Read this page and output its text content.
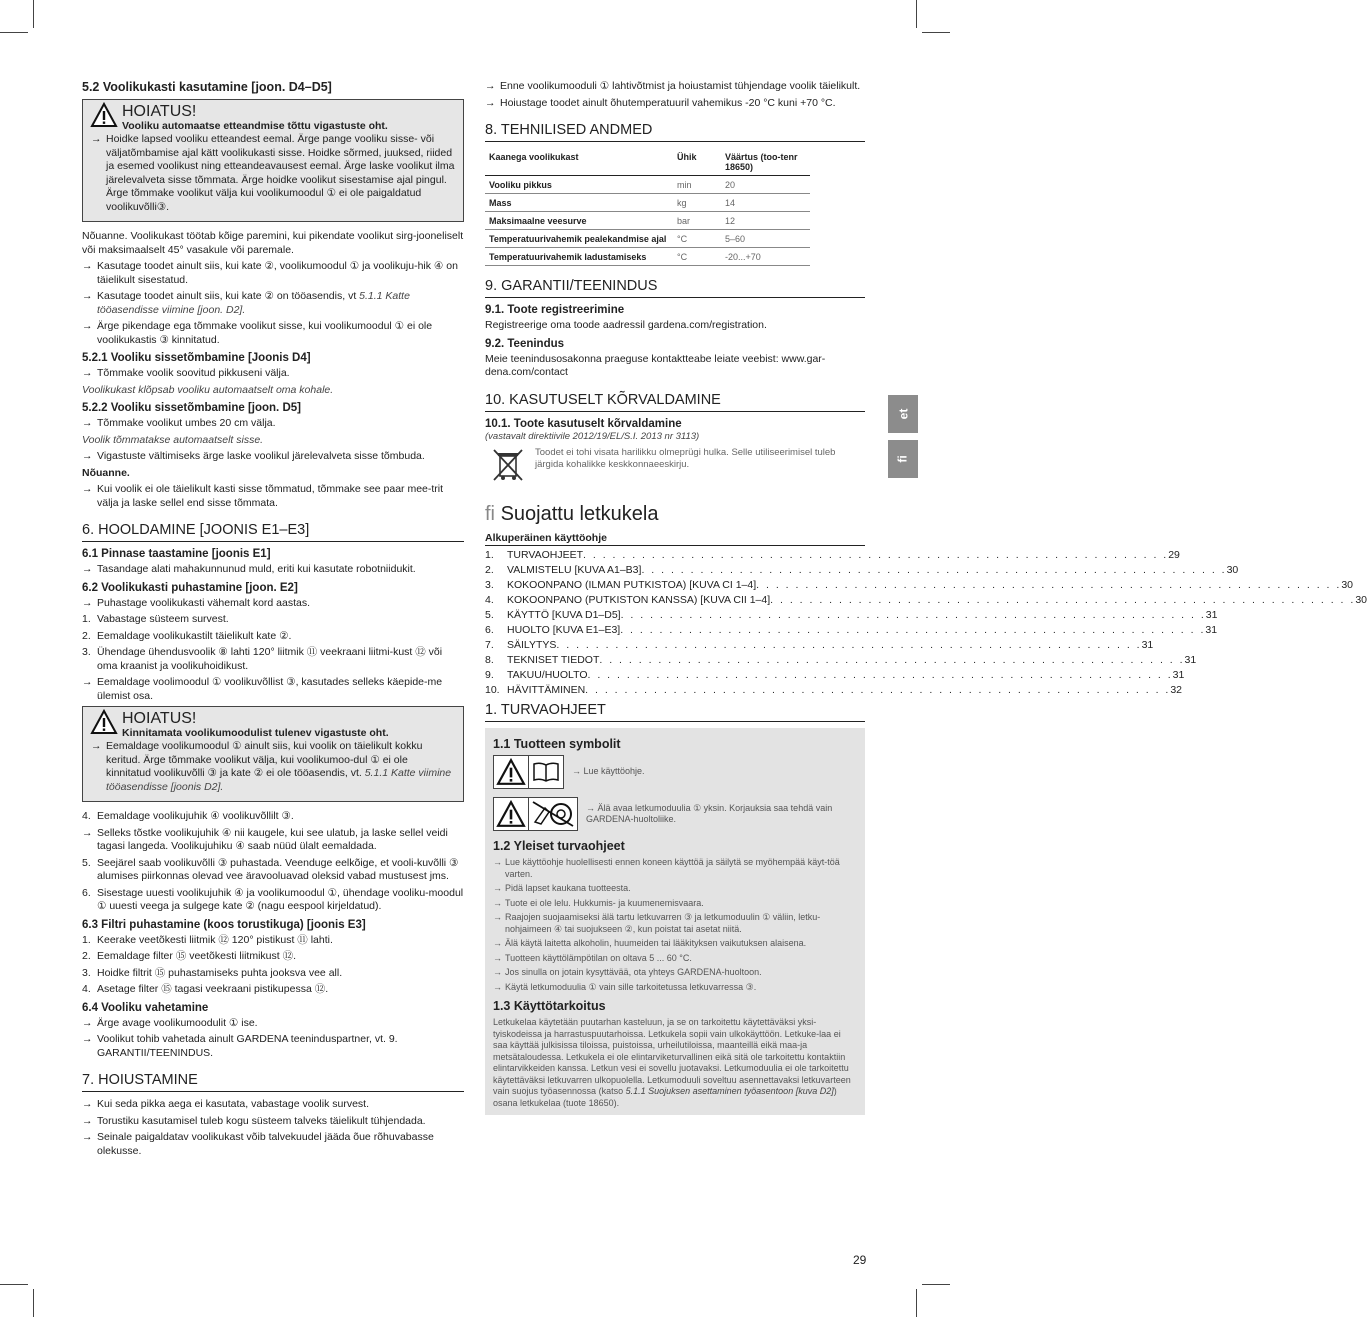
5.2 Voolikukasti kasutamine [joon. D4–D5]
HOIATUS!
Vooliku automaatse etteandmise tõttu vigastuste oht.
→ Hoidke lapsed vooliku etteandest eemal. Ärge pange vooliku sisse- või väljatõmbamise ajal kätt voolikukasti sisse. Hoidke sõrmed, juuksed, riided ja esemed voolikust ning etteandeavausest eemal. Ärge laske voolikut ilma järelevalveta sisse tõmmata. Ärge hoidke voolikut sisestamise ajal pingul. Ärge tõmmake voolikut välja kui voolikumoodul ① ei ole paigaldatud voolikuvõlli③.

Nõuanne. Voolikukast töötab kõige paremini, kui pikendate voolikut sirg-jooneliselt või maksimaalselt 45° vasakule või paremale.

→ Kasutage toodet ainult siis, kui kate ②, voolikumoodul ① ja voolikuju-hik ④ on täielikult sisestatud.
→ Kasutage toodet ainult siis, kui kate ② on tööasendis, vt 5.1.1 Katte tööasendisse viimine [joon. D2].
→ Ärge pikendage ega tõmmake voolikut sisse, kui voolikumoodul ① ei ole voolikukastis ③ kinnitatud.
5.2.1 Vooliku sissetõmbamine [Joonis D4]
→ Tõmmake voolik soovitud pikkuseni välja.

Voolikukast klõpsab vooliku automaatselt oma kohale.

5.2.2 Vooliku sissetõmbamine [joon. D5]
→ Tõmmake voolikut umbes 20 cm välja.

Voolik tõmmatakse automaatselt sisse.

→ Vigastuste vältimiseks ärge laske voolikul järelevalveta sisse tõmbuda.

Nõuanne.

→ Kui voolik ei ole täielikult kasti sisse tõmmatud, tõmmake see paar mee-trit välja ja laske sellel end sisse tõmmata.
6. HOOLDAMINE [JOONIS E1–E3]
6.1 Pinnase taastamine [joonis E1]
→ Tasandage alati mahakunnunud muld, eriti kui kasutate robotniidukit.
6.2 Voolikukasti puhastamine [joon. E2]
→ Puhastage voolikukasti vähemalt kord aastas.
1. Vabastage süsteem survest.
2. Eemaldage voolikukastilt täielikult kate ②.
3. Ühendage ühendusvoolik ⑧ lahti 120° liitmik ⑪ veekraani liitmi-kust ⑫ või oma kraanist ja voolikuhoidikust.
→ Eemaldage voolimoodul ① voolikuvõllist ③, kasutades selleks käepide-me ülemist osa.
HOIATUS!
Kinnitamata voolikumoodulist tulenev vigastuste oht.
→ Eemaldage voolikumoodul ① ainult siis, kui voolik on täielikult kokku keritud. Ärge tõmmake voolikut välja, kui voolikumoo-dul ① ei ole kinnitatud voolikuvõlli ③ ja kate ② ei ole tööasendis, vt. 5.1.1 Katte viimine tööasendisse [joonis D2].
4. Eemaldage voolikujuhik ④ voolikuvõllilt ③.
→ Selleks tõstke voolikujuhik ④ nii kaugele, kui see ulatub, ja laske sellel veidi tagasi langeda. Voolikujuhiku ④ saab nüüd ülalt eemaldada.
5. Seejärel saab voolikuvõlli ③ puhastada. Veenduge eelkõige, et vooli-kuvõlli ③ alumises piirkonnas olevad vee äravooluavad oleksid vabad mustusest jms.
6. Sisestage uuesti voolikujuhik ④ ja voolikumoodul ①, ühendage vooliku-moodul ① uuesti veega ja sulgege kate ② (nagu eespool kirjeldatud).
6.3 Filtri puhastamine (koos torustikuga) [joonis E3]
1. Keerake veetõkesti liitmik ⑫ 120° pistikust ⑪ lahti.
2. Eemaldage filter ⑮ veetõkesti liitmikust ⑫.
3. Hoidke filtrit ⑮ puhastamiseks puhta jooksva vee all.
4. Asetage filter ⑮ tagasi veekraani pistikupessa ⑫.
6.4 Vooliku vahetamine
→ Ärge avage voolikumoodulit ① ise.
→ Voolikut tohib vahetada ainult GARDENA teeninduspartner, vt. 9. GARANTII/TEENINDUS.
7. HOIUSTAMINE
→ Kui seda pikka aega ei kasutata, vabastage voolik survest.
→ Torustiku kasutamisel tuleb kogu süsteem talveks täielikult tühjendada.
→ Seinale paigaldatav voolikukast võib talvekuudel jääda õue rõhuvabasse olekusse.
→ Enne voolikumooduli ① lahtivõtmist ja hoiustamist tühjendage voolik täielikult.
→ Hoiustage toodet ainult õhutemperatuuril vahemikus -20 °C kuni +70 °C.
8. TEHNILISED ANDMED
Kaanega voolikukast	Ühik	Väärtus (too-tenr 18650)
Vooliku pikkus	min	20
Mass	kg	14
Maksimaalne veesurve	bar	12
Temperatuurivahemik pealekandmise ajal	°C	5–60
Temperatuurivahemik ladustamiseks	°C	-20...+70
9. GARANTII/TEENINDUS
9.1. Toote registreerimine

Registreerige oma toode aadressil gardena.com/registration.

9.2. Teenindus

Meie teenindusosakonna praeguse kontaktteabe leiate veebist: www.gar-dena.com/contact

10. KASUTUSELT KÕRVALDAMINE
10.1. Toote kasutuselt kõrvaldamine

(vastavalt direktiivile 2012/19/EL/S.I. 2013 nr 3113)

Toodet ei tohi visata harilikku olmeprügi hulka. Selle utiliseerimisel tuleb järgida kohalikke keskkonnaeeskirju.
fi Suojattu letkukela
Alkuperäinen käyttöohje
1.	TURVAOHJEET . . . . . . . . . . . . . . . . . . . . . . . . . . . . . . . . . . . . . . . . . . . . . . . . . . . . . . . . . . . . 29
2.	VALMISTELU [KUVA A1–B3] . . . . . . . . . . . . . . . . . . . . . . . . . . . . . . . . . . . . . . . . . . . . . . . . . . . . . . . . . . . . 30
3.	KOKOONPANO (ILMAN PUTKISTOA) [KUVA CI 1–4] . . . . . . . . . . . . . . . . . . . . . . . . . . . . . . . . . . . . . . . . . . . . . . . . . . . . . . . . . . . . 30
4.	KOKOONPANO (PUTKISTON KANSSA) [KUVA CII 1–4] . . . . . . . . . . . . . . . . . . . . . . . . . . . . . . . . . . . . . . . . . . . . . . . . . . . . . . . . . . . . 30
5.	KÄYTTÖ [KUVA D1–D5] . . . . . . . . . . . . . . . . . . . . . . . . . . . . . . . . . . . . . . . . . . . . . . . . . . . . . . . . . . . . 31
6.	HUOLTO [KUVA E1–E3] . . . . . . . . . . . . . . . . . . . . . . . . . . . . . . . . . . . . . . . . . . . . . . . . . . . . . . . . . . . . 31
7.	SÄILYTYS . . . . . . . . . . . . . . . . . . . . . . . . . . . . . . . . . . . . . . . . . . . . . . . . . . . . . . . . . . . . 31
8.	TEKNISET TIEDOT . . . . . . . . . . . . . . . . . . . . . . . . . . . . . . . . . . . . . . . . . . . . . . . . . . . . . . . . . . . . 31
9.	TAKUU/HUOLTO . . . . . . . . . . . . . . . . . . . . . . . . . . . . . . . . . . . . . . . . . . . . . . . . . . . . . . . . . . . . 31
10. HÄVITTÄMINEN . . . . . . . . . . . . . . . . . . . . . . . . . . . . . . . . . . . . . . . . . . . . . . . . . . . . . . . . . . . . 32
1. TURVAOHJEET
1.1 Tuotteen symbolit
→ Lue käyttöohje.
→ Älä avaa letkumoduulia ① yksin. Korjauksia saa tehdä vain GARDENA-huoltoliike.
1.2 Yleiset turvaohjeet
→ Lue käyttöohje huolellisesti ennen koneen käyttöä ja säilytä se myöhempää käyt-töä varten.
→ Pidä lapset kaukana tuotteesta.
→ Tuote ei ole lelu. Hukkumis- ja kuumenemisvaara.
→ Raajojen suojaamiseksi älä tartu letkuvarren ③ ja letkumoduulin ① väliin, letku-nohjaimeen ④ tai suojukseen ②, kun poistat tai asetat niitä.
→ Älä käytä laitetta alkoholin, huumeiden tai lääkityksen vaikutuksen alaisena.
→ Tuotteen käyttölämpötilan on oltava 5 ... 60 °C.
→ Jos sinulla on jotain kysyttävää, ota yhteys GARDENA-huoltoon.
→ Käytä letkumoduulia ① vain sille tarkoitetussa letkuvarressa ③.
1.3 Käyttötarkoitus
Letkukelaa käytetään puutarhan kasteluun, ja se on tarkoitettu käytettäväksi yksi-tyiskodeissa ja harrastuspuutarhoissa. Letkukela sopii vain ulkokäyttöön. Letkuke-laa ei saa käyttää julkisissa tiloissa, puistoissa, urheilutiloissa, maanteillä eikä maa-ja metsätaloudessa. Letkukela ei ole elintarviketurvallinen eikä sitä ole tarkoitettu kontaktiin elintarvikkeiden kanssa. Letkun vesi ei sovellu juotavaksi. Letkumoduulia ei ole tarkoitettu käytettäväksi letkuvarren ulkopuolella. Letkumoduuli soveltuu asennettavaksi letkuvarteen vain suojus työasennossa (katso 5.1.1 Suojuksen asettaminen työasentoon [kuva D2]) osana letkukelaa (tuote 18650).
et
fi
29
